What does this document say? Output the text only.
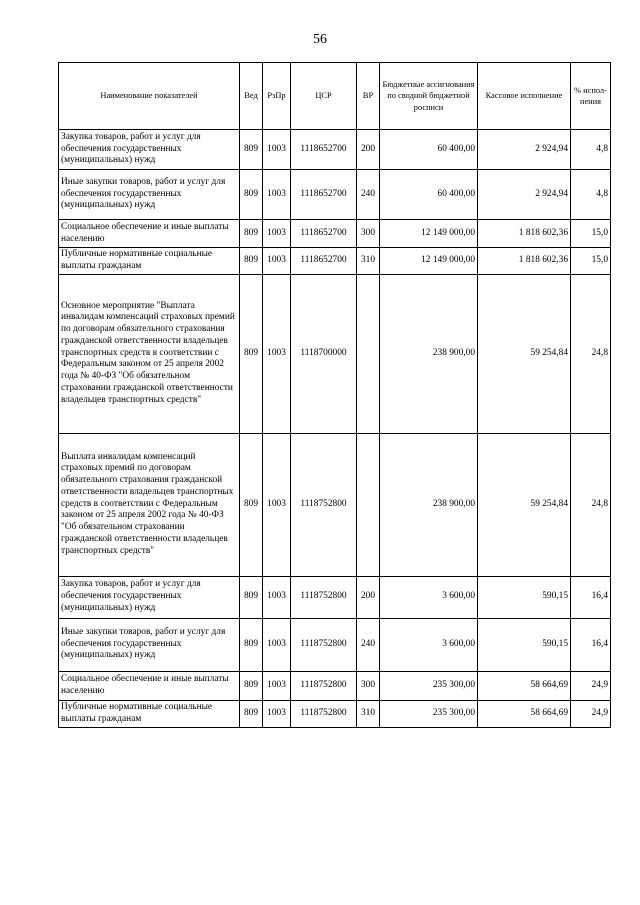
56
Наименование показателей	Вед	РзПр	ЦСР	ВР	Бюджетные ассигнования по сводной бюджетной росписи	Кассовое исполнение	% испол-нения
Закупка товаров, работ и услуг для обеспечения государственных (муниципальных) нужд	809	1003	1118652700	200	60 400,00	2 924,94	4,8
Иные закупки товаров, работ и услуг для обеспечения государственных (муниципальных) нужд	809	1003	1118652700	240	60 400,00	2 924,94	4,8
Социальное обеспечение и иные выплаты населению	809	1003	1118652700	300	12 149 000,00	1 818 602,36	15,0
Публичные нормативные социальные выплаты гражданам	809	1003	1118652700	310	12 149 000,00	1 818 602,36	15,0
Основное мероприятие "Выплата инвалидам компенсаций страховых премий по договорам обязательного страхования гражданской ответственности владельцев транспортных средств в соответствии с Федеральным законом от 25 апреля 2002 года № 40-ФЗ "Об обязательном страховании гражданской ответственности владельцев транспортных средств"	809	1003	1118700000		238 900,00	59 254,84	24,8
Выплата инвалидам компенсаций страховых премий по договорам обязательного страхования гражданской ответственности владельцев транспортных средств в соответствии с Федеральным законом от 25 апреля 2002 года № 40-ФЗ "Об обязательном страховании гражданской ответственности владельцев транспортных средств"	809	1003	1118752800		238 900,00	59 254,84	24,8
Закупка товаров, работ и услуг для обеспечения государственных (муниципальных) нужд	809	1003	1118752800	200	3 600,00	590,15	16,4
Иные закупки товаров, работ и услуг для обеспечения государственных (муниципальных) нужд	809	1003	1118752800	240	3 600,00	590,15	16,4
Социальное обеспечение и иные выплаты населению	809	1003	1118752800	300	235 300,00	58 664,69	24,9
Публичные нормативные социальные выплаты гражданам	809	1003	1118752800	310	235 300,00	58 664,69	24,9
